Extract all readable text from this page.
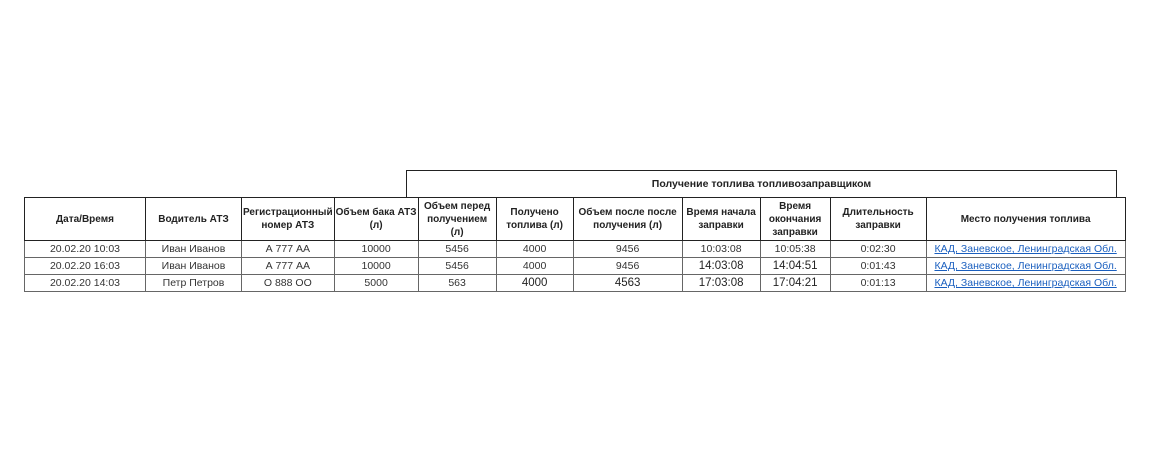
Получение топлива топливозаправщиком
Дата/Время	Водитель АТЗ	Регистрационный номер АТЗ	Объем бака АТЗ (л)	Объем перед получением (л)	Получено топлива (л)	Объем после после получения (л)	Время начала заправки	Время окончания заправки	Длительность заправки	Место получения топлива
20.02.20 10:03	Иван Иванов	А 777 АА	10000	5456	4000	9456	10:03:08	10:05:38	0:02:30	КАД, Заневское, Ленинградская Обл.
20.02.20 16:03	Иван Иванов	А 777 АА	10000	5456	4000	9456	14:03:08	14:04:51	0:01:43	КАД, Заневское, Ленинградская Обл.
20.02.20 14:03	Петр Петров	О 888 ОО	5000	563	4000	4563	17:03:08	17:04:21	0:01:13	КАД, Заневское, Ленинградская Обл.
